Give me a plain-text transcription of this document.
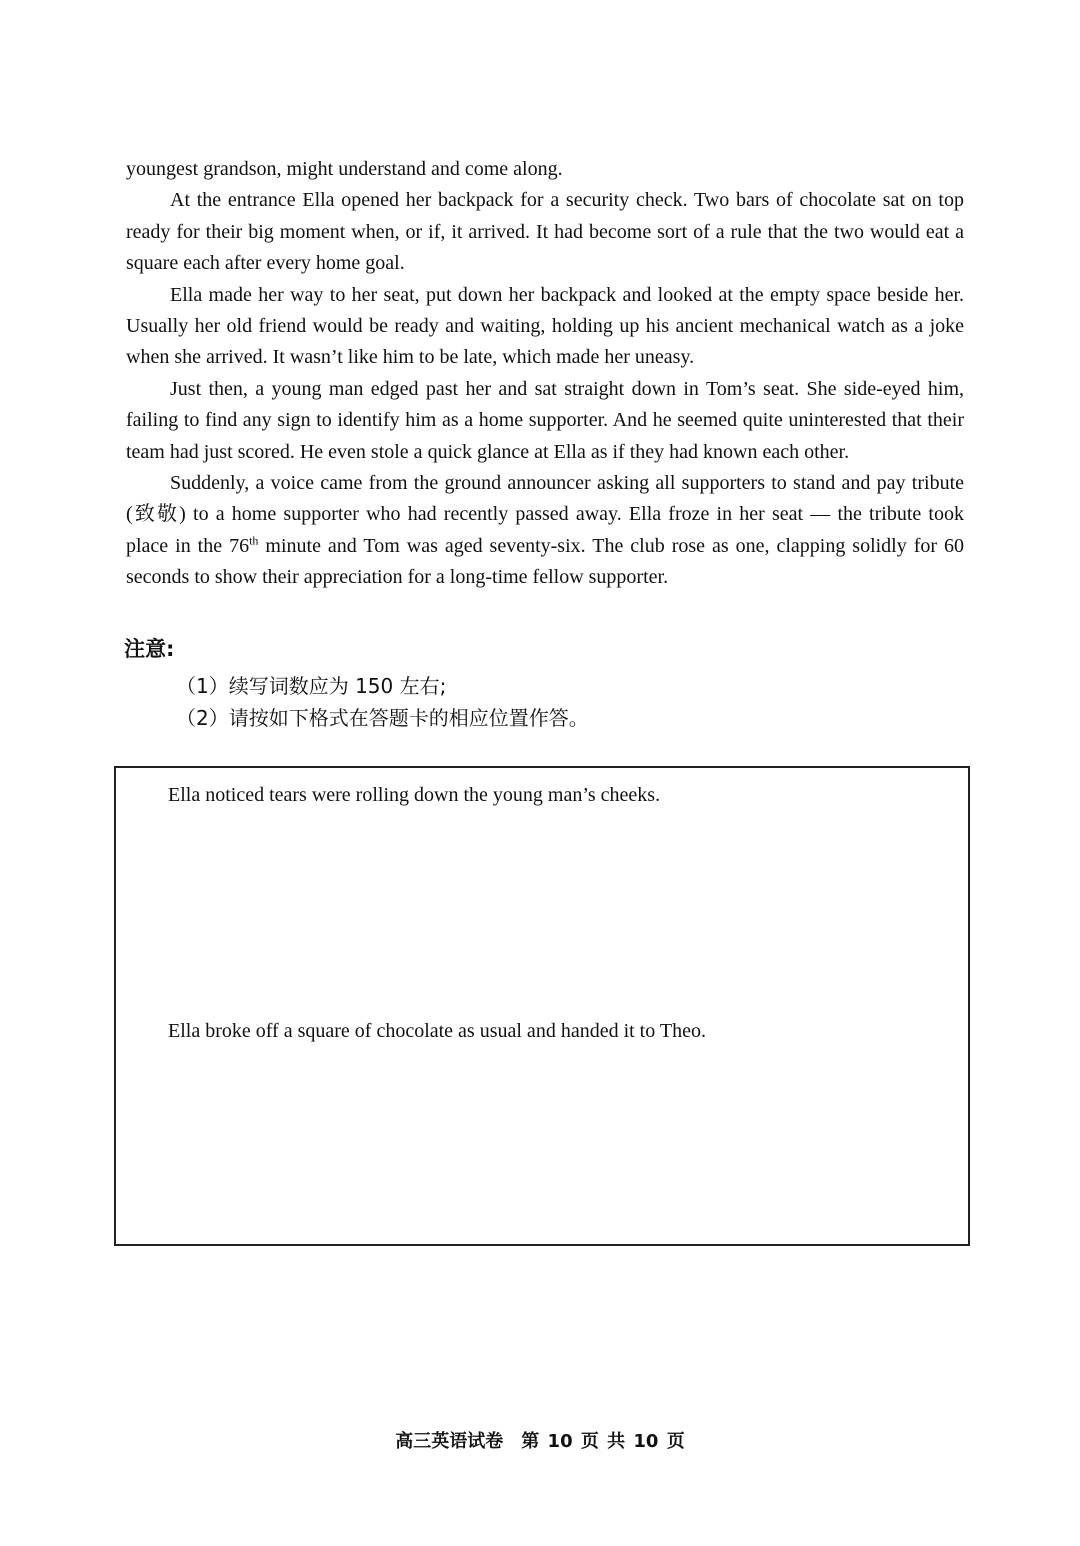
youngest grandson, might understand and come along.

At the entrance Ella opened her backpack for a security check. Two bars of chocolate sat on top ready for their big moment when, or if, it arrived. It had become sort of a rule that the two would eat a square each after every home goal.

Ella made her way to her seat, put down her backpack and looked at the empty space beside her. Usually her old friend would be ready and waiting, holding up his ancient mechanical watch as a joke when she arrived. It wasn’t like him to be late, which made her uneasy.

Just then, a young man edged past her and sat straight down in Tom’s seat. She side-eyed him, failing to find any sign to identify him as a home supporter. And he seemed quite uninterested that their team had just scored. He even stole a quick glance at Ella as if they had known each other.

Suddenly, a voice came from the ground announcer asking all supporters to stand and pay tribute (致敬) to a home supporter who had recently passed away. Ella froze in her seat — the tribute took place in the 76th minute and Tom was aged seventy-six. The club rose as one, clapping solidly for 60 seconds to show their appreciation for a long-time fellow supporter.

注意:
（1）续写词数应为 150 左右;
（2）请按如下格式在答题卡的相应位置作答。
Ella noticed tears were rolling down the young man’s cheeks.
Ella broke off a square of chocolate as usual and handed it to Theo.
高三英语试卷　第 10 页 共 10 页
